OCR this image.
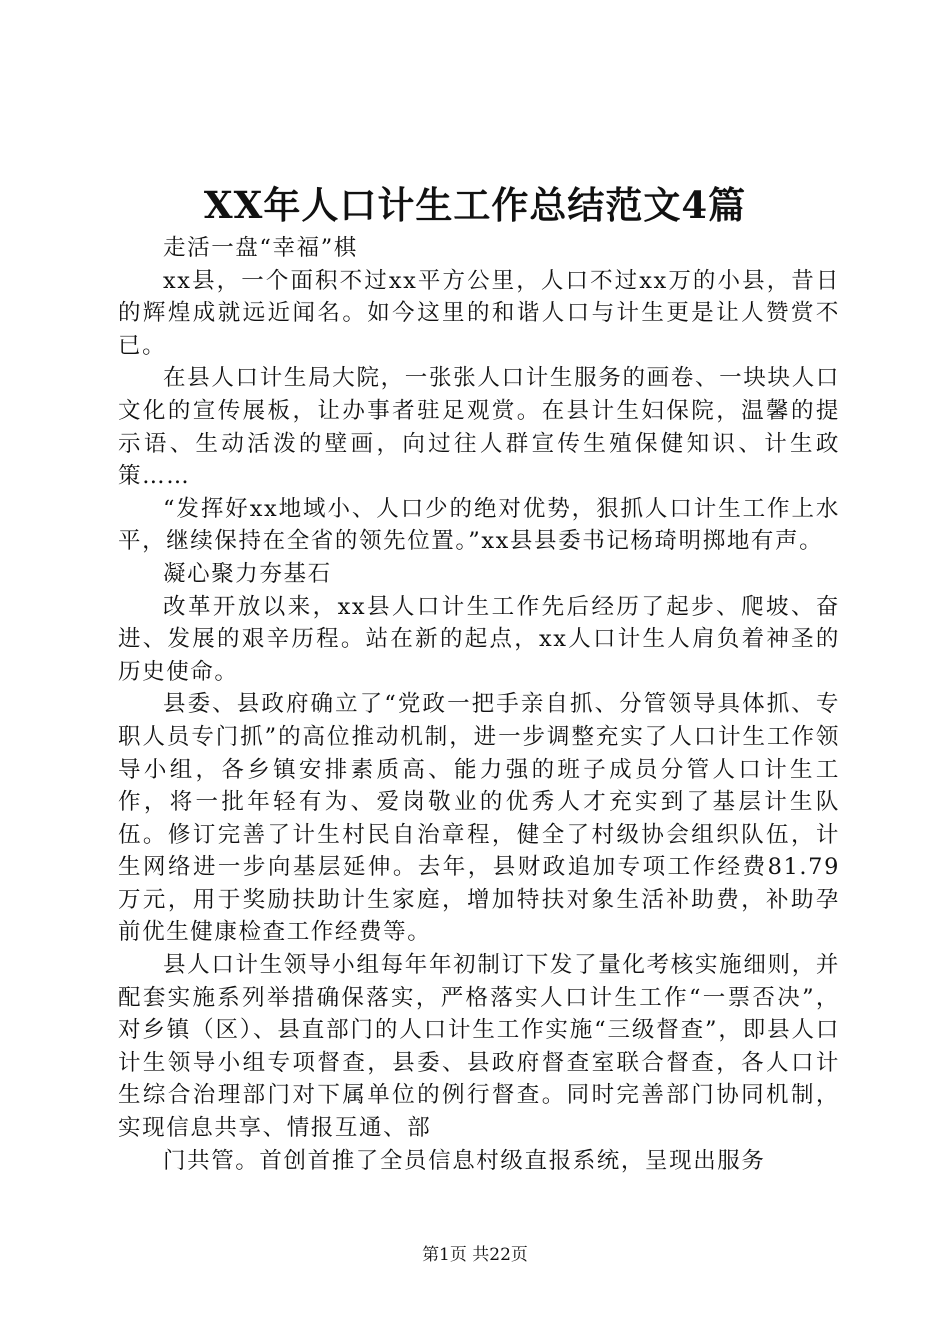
XX年人口计生工作总结范文4篇

走活一盘“幸福”棋

xx县，一个面积不过xx平方公里，人口不过xx万的小县，昔日的辉煌成就远近闻名。如今这里的和谐人口与计生更是让人赞赏不已。

在县人口计生局大院，一张张人口计生服务的画卷、一块块人口文化的宣传展板，让办事者驻足观赏。在县计生妇保院，温馨的提示语、生动活泼的壁画，向过往人群宣传生殖保健知识、计生政策……

“发挥好xx地域小、人口少的绝对优势，狠抓人口计生工作上水平，继续保持在全省的领先位置。”xx县县委书记杨琦明掷地有声。

凝心聚力夯基石

改革开放以来，xx县人口计生工作先后经历了起步、爬坡、奋进、发展的艰辛历程。站在新的起点，xx人口计生人肩负着神圣的历史使命。

县委、县政府确立了“党政一把手亲自抓、分管领导具体抓、专职人员专门抓”的高位推动机制，进一步调整充实了人口计生工作领导小组，各乡镇安排素质高、能力强的班子成员分管人口计生工作，将一批年轻有为、爱岗敬业的优秀人才充实到了基层计生队伍。修订完善了计生村民自治章程，健全了村级协会组织队伍，计生网络进一步向基层延伸。去年，县财政追加专项工作经费81.79万元，用于奖励扶助计生家庭，增加特扶对象生活补助费，补助孕前优生健康检查工作经费等。

县人口计生领导小组每年年初制订下发了量化考核实施细则，并配套实施系列举措确保落实，严格落实人口计生工作“一票否决”，对乡镇（区）、县直部门的人口计生工作实施“三级督查”，即县人口计生领导小组专项督查，县委、县政府督查室联合督查，各人口计生综合治理部门对下属单位的例行督查。同时完善部门协同机制，实现信息共享、情报互通、部

门共管。首创首推了全员信息村级直报系统，呈现出服务

第1页 共22页
